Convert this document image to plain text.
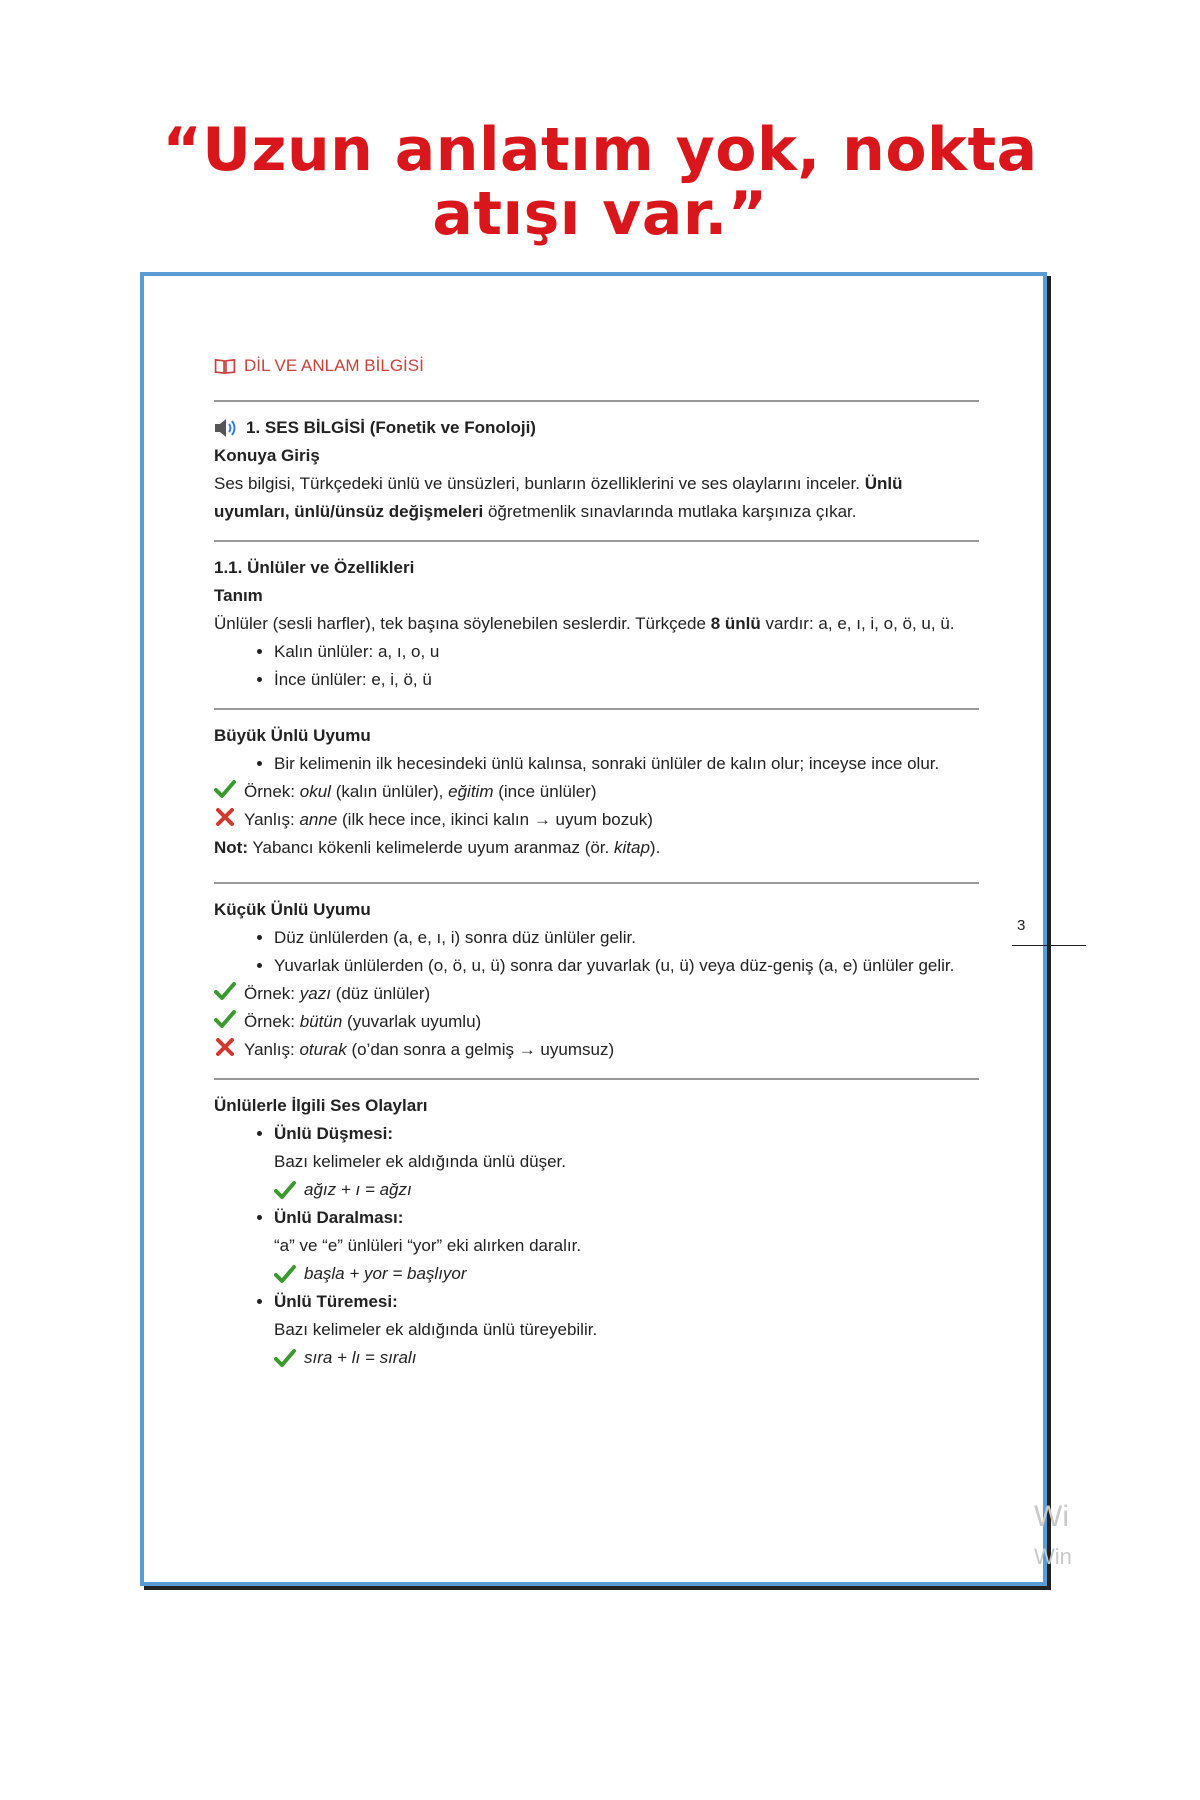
“Uzun anlatım yok, nokta
atışı var.”
DİL VE ANLAM BİLGİSİ
1. SES BİLGİSİ (Fonetik ve Fonoloji)

Konuya Giriş

Ses bilgisi, Türkçedeki ünlü ve ünsüzleri, bunların özelliklerini ve ses olaylarını inceler. Ünlü uyumları, ünlü/ünsüz değişmeleri öğretmenlik sınavlarında mutlaka karşınıza çıkar.

1.1. Ünlüler ve Özellikleri

Tanım

Ünlüler (sesli harfler), tek başına söylenebilen seslerdir. Türkçede 8 ünlü vardır: a, e, ı, i, o, ö, u, ü.

• Kalın ünlüler: a, ı, o, u
• İnce ünlüler: e, i, ö, ü

Büyük Ünlü Uyumu

• Bir kelimenin ilk hecesindeki ünlü kalınsa, sonraki ünlüler de kalın olur; inceyse ince olur.
Örnek: okul (kalın ünlüler), eğitim (ince ünlüler)
Yanlış: anne (ilk hece ince, ikinci kalın → uyum bozuk)

Not: Yabancı kökenli kelimelerde uyum aranmaz (ör. kitap).

Küçük Ünlü Uyumu

• Düz ünlülerden (a, e, ı, i) sonra düz ünlüler gelir.
• Yuvarlak ünlülerden (o, ö, u, ü) sonra dar yuvarlak (u, ü) veya düz-geniş (a, e) ünlüler gelir.
Örnek: yazı (düz ünlüler)
Örnek: bütün (yuvarlak uyumlu)
Yanlış: oturak (o’dan sonra a gelmiş → uyumsuz)

Ünlülerle İlgili Ses Olayları

• Ünlü Düşmesi:
Bazı kelimeler ek aldığında ünlü düşer.
ağız + ı = ağzı
• Ünlü Daralması:
“a” ve “e” ünlüleri “yor” eki alırken daralır.
başla + yor = başlıyor
• Ünlü Türemesi:
Bazı kelimeler ek aldığında ünlü türeyebilir.
sıra + lı = sıralı
3
Wi
Win
